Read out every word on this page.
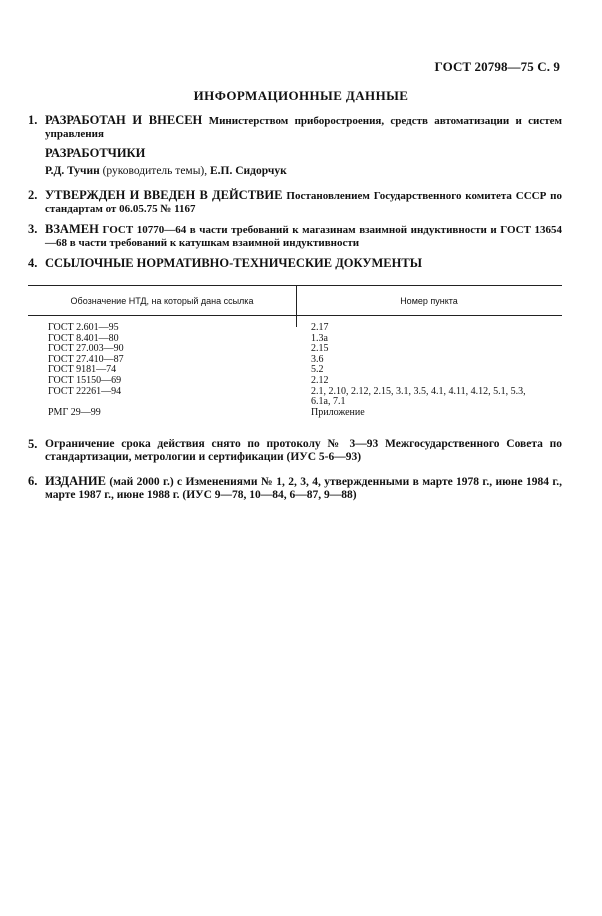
ГОСТ 20798—75 С. 9
ИНФОРМАЦИОННЫЕ ДАННЫЕ
1. РАЗРАБОТАН И ВНЕСЕН Министерством приборостроения, средств автоматизации и систем управления
РАЗРАБОТЧИКИ
Р.Д. Тучин (руководитель темы), Е.П. Сидорчук
2. УТВЕРЖДЕН И ВВЕДЕН В ДЕЙСТВИЕ Постановлением Государственного комитета СССР по стандартам от 06.05.75 № 1167
3. ВЗАМЕН ГОСТ 10770—64 в части требований к магазинам взаимной индуктивности и ГОСТ 13654—68 в части требований к катушкам взаимной индуктивности
4. ССЫЛОЧНЫЕ НОРМАТИВНО-ТЕХНИЧЕСКИЕ ДОКУМЕНТЫ
Обозначение НТД, на который дана ссылка	Номер пункта
ГОСТ 2.601—95	2.17
ГОСТ 8.401—80	1.3а
ГОСТ 27.003—90	2.15
ГОСТ 27.410—87	3.6
ГОСТ 9181—74	5.2
ГОСТ 15150—69	2.12
ГОСТ 22261—94	2.1, 2.10, 2.12, 2.15, 3.1, 3.5, 4.1, 4.11, 4.12, 5.1, 5.3, 6.1а, 7.1
РМГ 29—99	Приложение
5. Ограничение срока действия снято по протоколу № 3—93 Межгосударственного Совета по стандартизации, метрологии и сертификации (ИУС 5-6—93)
6. ИЗДАНИЕ (май 2000 г.) с Изменениями № 1, 2, 3, 4, утвержденными в марте 1978 г., июне 1984 г., марте 1987 г., июне 1988 г. (ИУС 9—78, 10—84, 6—87, 9—88)
